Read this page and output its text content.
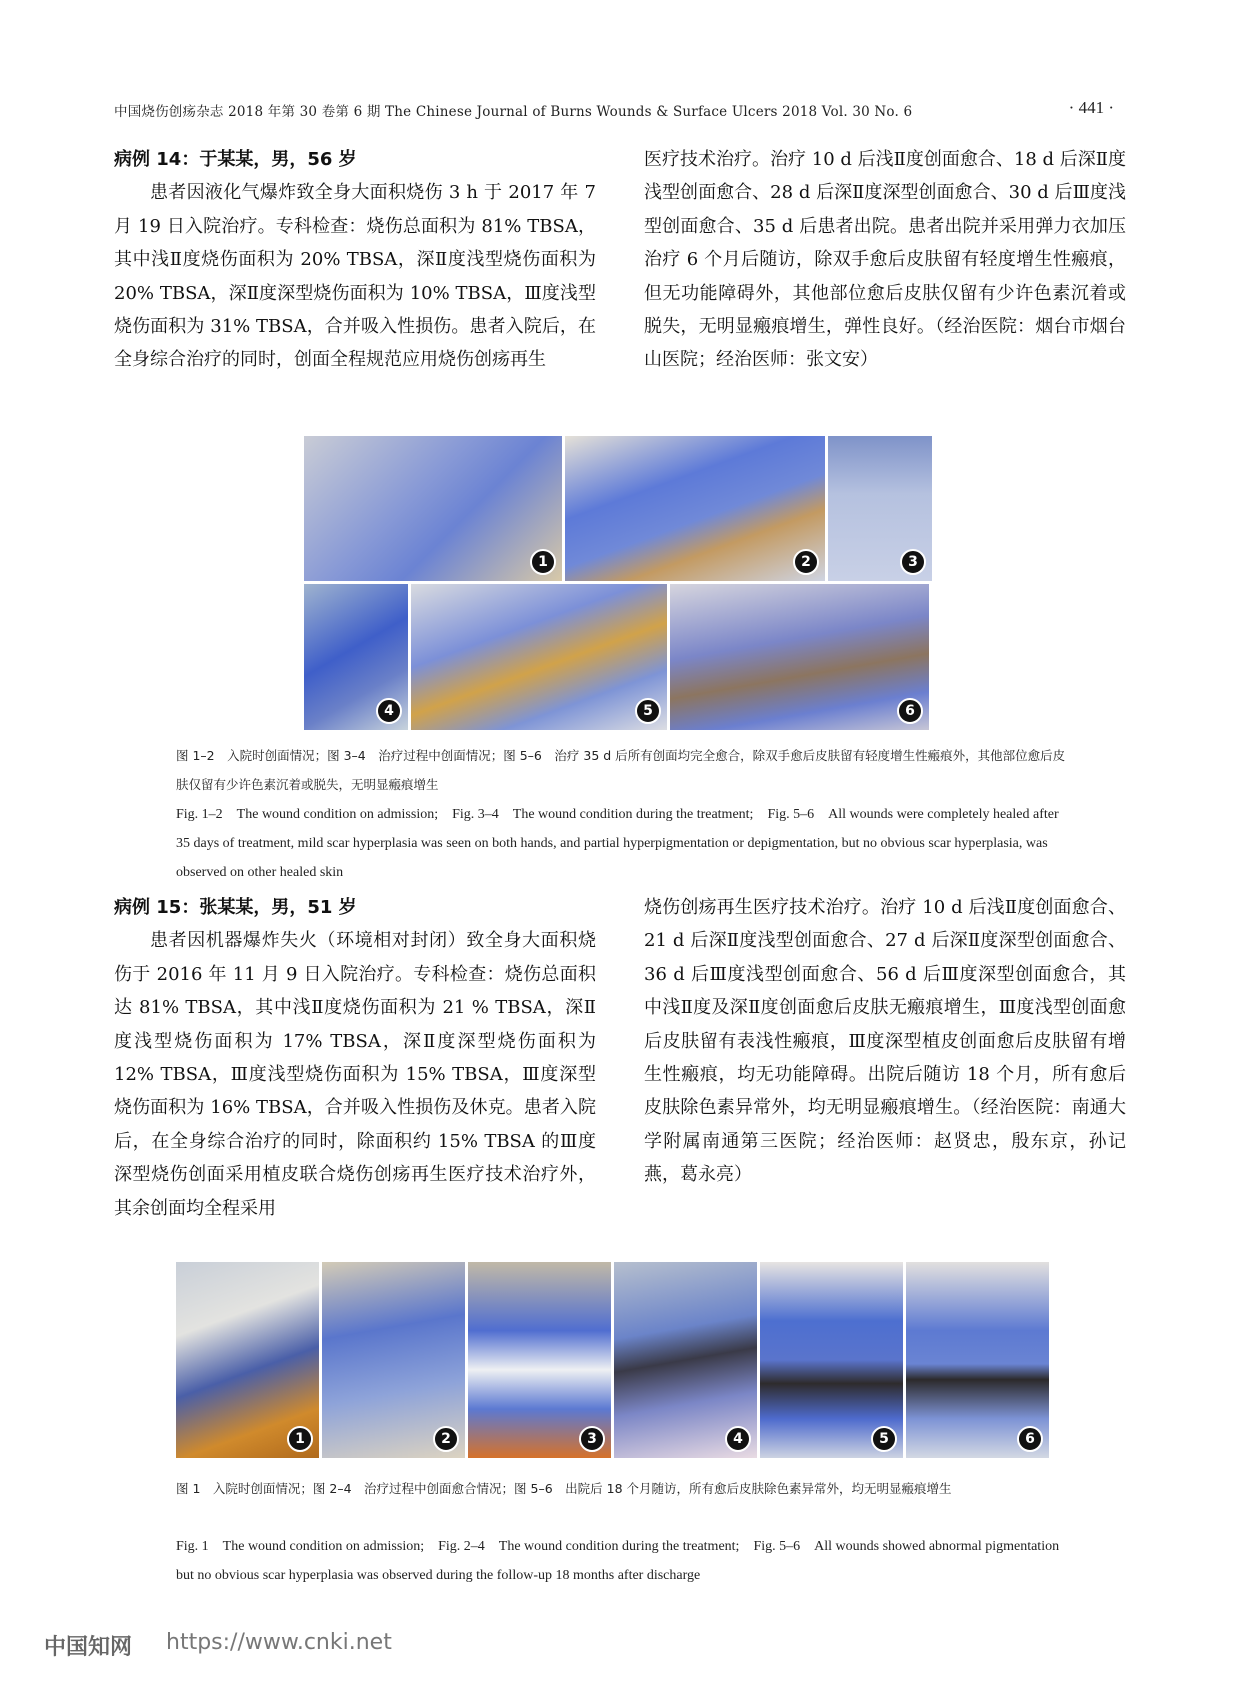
中国烧伤创疡杂志 2018 年第 30 卷第 6 期 The Chinese Journal of Burns Wounds & Surface Ulcers 2018 Vol. 30 No. 6	· 441 ·

病例 14：于某某，男，56 岁

患者因液化气爆炸致全身大面积烧伤 3 h 于 2017 年 7 月 19 日入院治疗。专科检查：烧伤总面积为 81% TBSA，其中浅Ⅱ度烧伤面积为 20% TBSA，深Ⅱ度浅型烧伤面积为 20% TBSA，深Ⅱ度深型烧伤面积为 10% TBSA，Ⅲ度浅型烧伤面积为 31% TBSA，合并吸入性损伤。患者入院后，在全身综合治疗的同时，创面全程规范应用烧伤创疡再生

医疗技术治疗。治疗 10 d 后浅Ⅱ度创面愈合、18 d 后深Ⅱ度浅型创面愈合、28 d 后深Ⅱ度深型创面愈合、30 d 后Ⅲ度浅型创面愈合、35 d 后患者出院。患者出院并采用弹力衣加压治疗 6 个月后随访，除双手愈后皮肤留有轻度增生性瘢痕，但无功能障碍外，其他部位愈后皮肤仅留有少许色素沉着或脱失，无明显瘢痕增生，弹性良好。（经治医院：烟台市烟台山医院；经治医师：张文安）

1	2	3
4	5	6
图 1–2　入院时创面情况；图 3–4　治疗过程中创面情况；图 5–6　治疗 35 d 后所有创面均完全愈合，除双手愈后皮肤留有轻度增生性瘢痕外，其他部位愈后皮肤仅留有少许色素沉着或脱失，无明显瘢痕增生
Fig. 1–2　The wound condition on admission;　Fig. 3–4　The wound condition during the treatment;　Fig. 5–6　All wounds were completely healed after 35 days of treatment, mild scar hyperplasia was seen on both hands, and partial hyperpigmentation or depigmentation, but no obvious scar hyperplasia, was observed on other healed skin

病例 15：张某某，男，51 岁

患者因机器爆炸失火（环境相对封闭）致全身大面积烧伤于 2016 年 11 月 9 日入院治疗。专科检查：烧伤总面积达 81% TBSA，其中浅Ⅱ度烧伤面积为 21 % TBSA，深Ⅱ度浅型烧伤面积为 17% TBSA，深Ⅱ度深型烧伤面积为 12% TBSA，Ⅲ度浅型烧伤面积为 15% TBSA，Ⅲ度深型烧伤面积为 16% TBSA，合并吸入性损伤及休克。患者入院后，在全身综合治疗的同时，除面积约 15% TBSA 的Ⅲ度深型烧伤创面采用植皮联合烧伤创疡再生医疗技术治疗外，其余创面均全程采用

烧伤创疡再生医疗技术治疗。治疗 10 d 后浅Ⅱ度创面愈合、21 d 后深Ⅱ度浅型创面愈合、27 d 后深Ⅱ度深型创面愈合、36 d 后Ⅲ度浅型创面愈合、56 d 后Ⅲ度深型创面愈合，其中浅Ⅱ度及深Ⅱ度创面愈后皮肤无瘢痕增生，Ⅲ度浅型创面愈后皮肤留有表浅性瘢痕，Ⅲ度深型植皮创面愈后皮肤留有增生性瘢痕，均无功能障碍。出院后随访 18 个月，所有愈后皮肤除色素异常外，均无明显瘢痕增生。（经治医院：南通大学附属南通第三医院；经治医师：赵贤忠，殷东京，孙记燕，葛永亮）

1	2	3	4	5	6
图 1　入院时创面情况；图 2–4　治疗过程中创面愈合情况；图 5–6　出院后 18 个月随访，所有愈后皮肤除色素异常外，均无明显瘢痕增生
Fig. 1　The wound condition on admission;　Fig. 2–4　The wound condition during the treatment;　Fig. 5–6　All wounds showed abnormal pigmentation but no obvious scar hyperplasia was observed during the follow-up 18 months after discharge
中国知网 https://www.cnki.net
